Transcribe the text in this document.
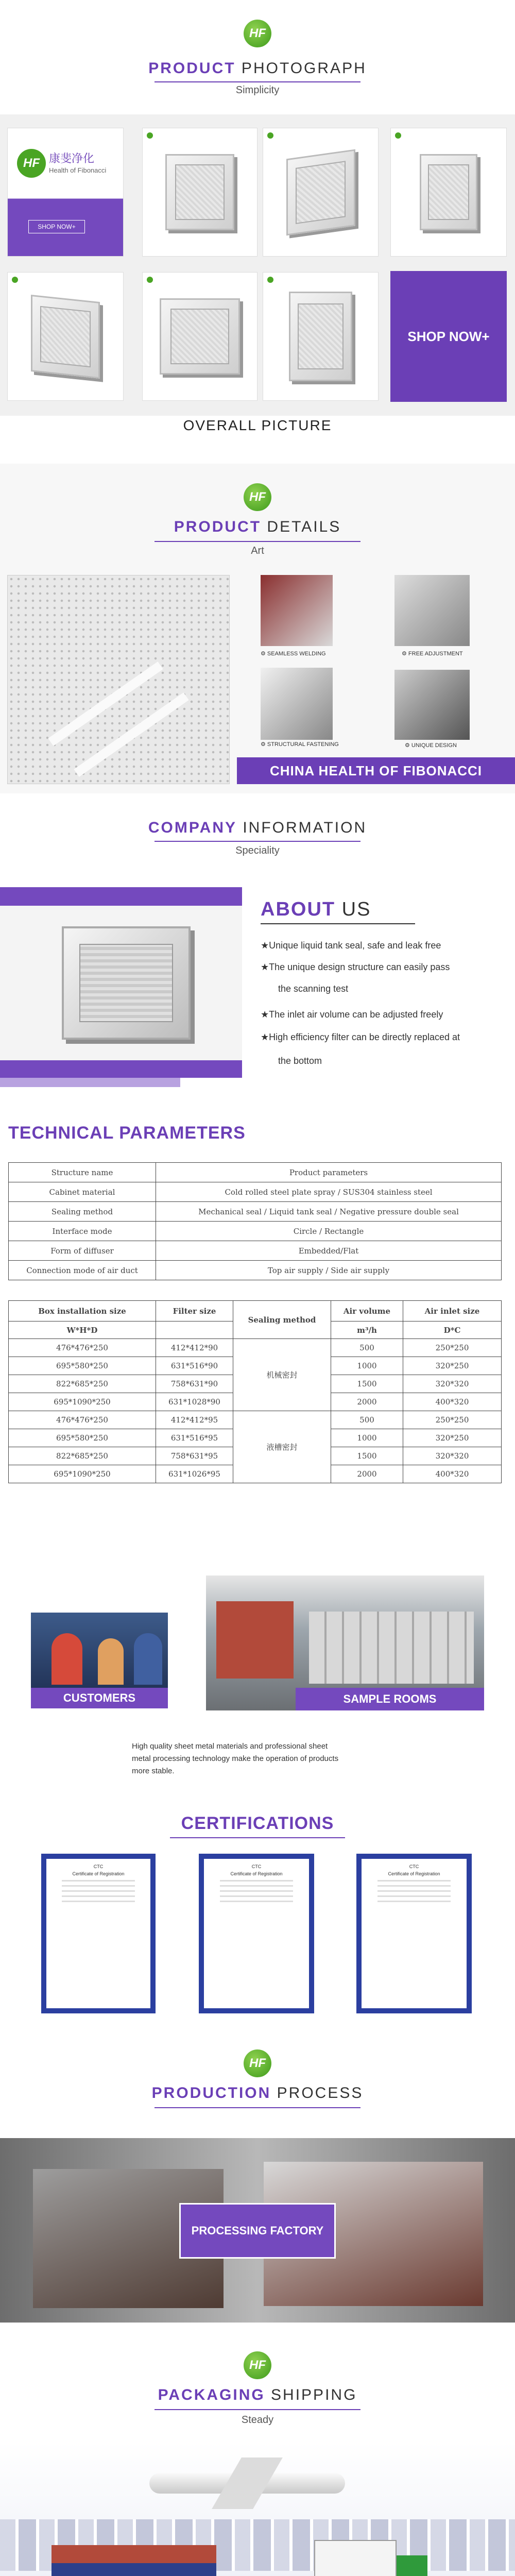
HF
PRODUCT PHOTOGRAPH
Simplicity
HF 康斐净化
Health of Fibonacci
SHOP NOW+
SHOP NOW+
OVERALL PICTURE
HF
PRODUCT DETAILS
Art
⚙ SEAMLESS WELDING	⚙ FREE ADJUSTMENT
⚙ STRUCTURAL FASTENING	⚙ UNIQUE DESIGN
CHINA HEALTH OF FIBONACCI
COMPANY INFORMATION
Speciality
ABOUT US
★Unique liquid tank seal, safe and leak free
★The unique design structure can easily pass
the scanning test
★The inlet air volume can be adjusted freely
★High efficiency filter can be directly replaced at
the bottom
TECHNICAL PARAMETERS
Structure name	Product parameters
Cabinet material	Cold rolled steel plate spray / SUS304 stainless steel
Sealing method	Mechanical seal / Liquid tank seal / Negative pressure double seal
Interface mode	Circle / Rectangle
Form of diffuser	Embedded/Flat
Connection mode of air duct	Top air supply / Side air supply
Box installation size	Filter size	Sealing method	Air volume	Air inlet size
W*H*D			m³/h	D*C
476*476*250	412*412*90	机械密封	500	250*250
695*580*250	631*516*90		1000	320*250
822*685*250	758*631*90		1500	320*320
695*1090*250	631*1028*90		2000	400*320
476*476*250	412*412*95	液槽密封	500	250*250
695*580*250	631*516*95		1000	320*250
822*685*250	758*631*95		1500	320*320
695*1090*250	631*1026*95		2000	400*320
CUSTOMERS	SAMPLE ROOMS
High quality sheet metal materials and professional sheet
metal processing technology make the operation of products
more stable.
CERTIFICATIONS
CTC
Certificate of Registration
CTC
Certificate of Registration
CTC
Certificate of Registration
HF
PRODUCTION PROCESS
PROCESSING FACTORY
HF
PACKAGING SHIPPING
Steady
